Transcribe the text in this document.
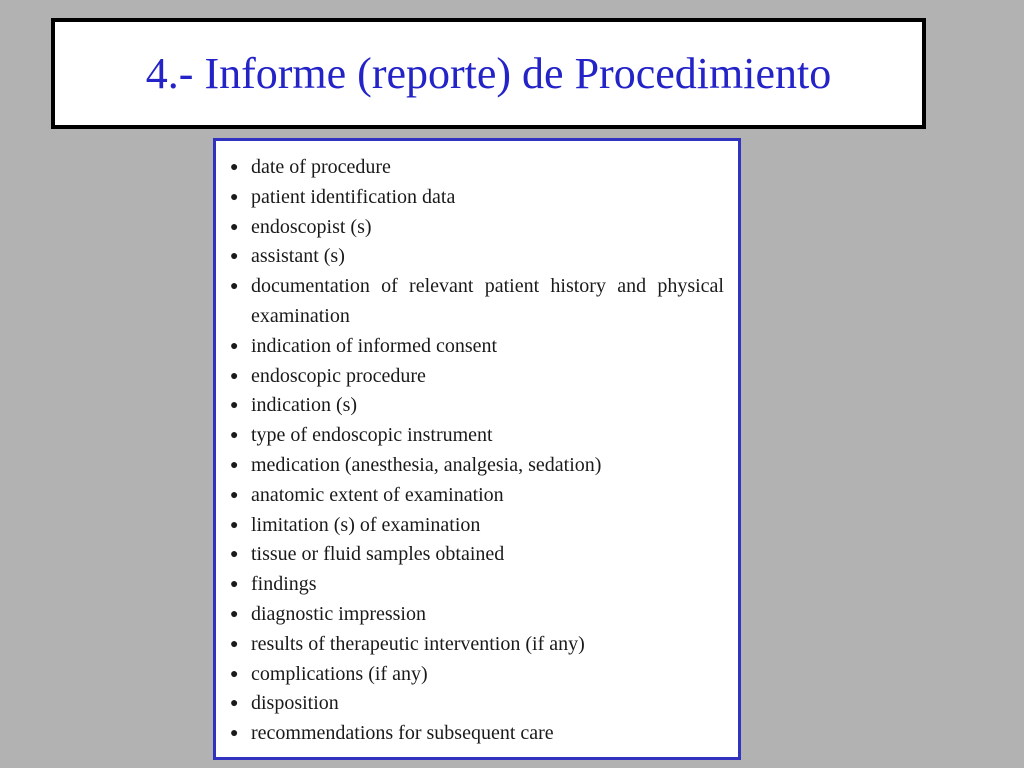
4.- Informe (reporte) de Procedimiento
● date of procedure
● patient identification data
● endoscopist (s)
● assistant (s)
● documentation of relevant patient history and physical examination
● indication of informed consent
● endoscopic procedure
● indication (s)
● type of endoscopic instrument
● medication (anesthesia, analgesia, sedation)
● anatomic extent of examination
● limitation (s) of examination
● tissue or fluid samples obtained
● findings
● diagnostic impression
● results of therapeutic intervention (if any)
● complications (if any)
● disposition
● recommendations for subsequent care
